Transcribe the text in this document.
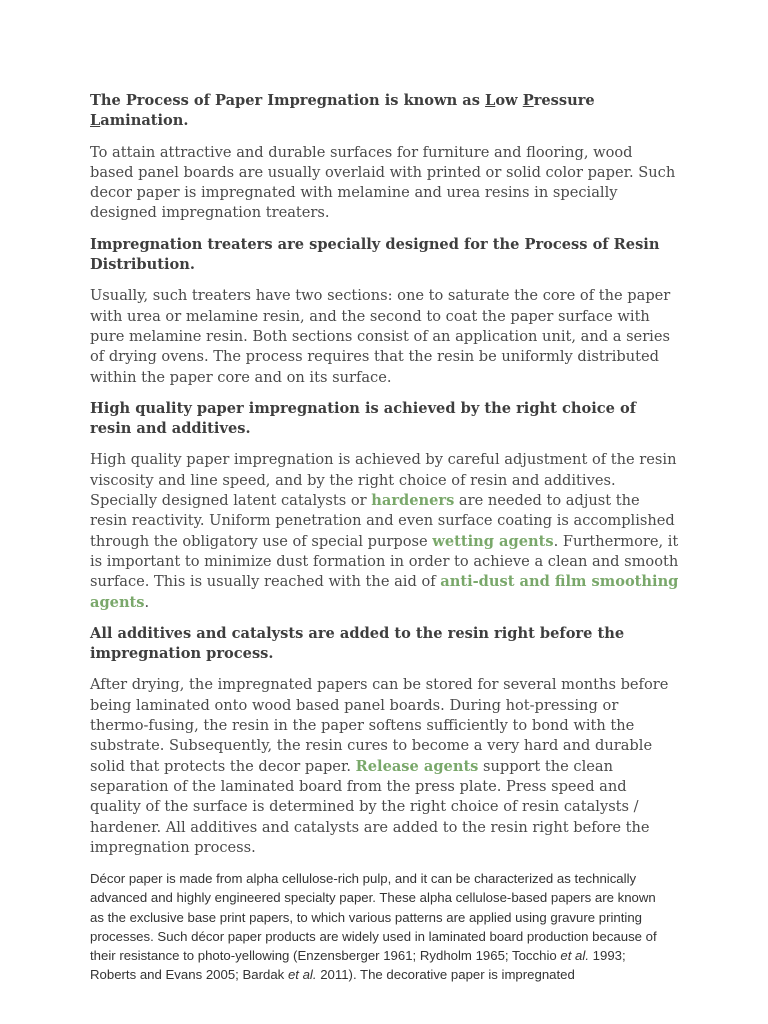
The Process of Paper Impregnation is known as Low Pressure Lamination.

To attain attractive and durable surfaces for furniture and flooring, wood based panel boards are usually overlaid with printed or solid color paper. Such decor paper is impregnated with melamine and urea resins in specially designed impregnation treaters.

Impregnation treaters are specially designed for the Process of Resin Distribution.

Usually, such treaters have two sections: one to saturate the core of the paper with urea or melamine resin, and the second to coat the paper surface with pure melamine resin. Both sections consist of an application unit, and a series of drying ovens. The process requires that the resin be uniformly distributed within the paper core and on its surface.

High quality paper impregnation is achieved by the right choice of resin and additives.

High quality paper impregnation is achieved by careful adjustment of the resin viscosity and line speed, and by the right choice of resin and additives. Specially designed latent catalysts or hardeners are needed to adjust the resin reactivity. Uniform penetration and even surface coating is accomplished through the obligatory use of special purpose wetting agents. Furthermore, it is important to minimize dust formation in order to achieve a clean and smooth surface. This is usually reached with the aid of anti-dust and film smoothing agents.

All additives and catalysts are added to the resin right before the impregnation process.

After drying, the impregnated papers can be stored for several months before being laminated onto wood based panel boards. During hot-pressing or thermo-fusing, the resin in the paper softens sufficiently to bond with the substrate. Subsequently, the resin cures to become a very hard and durable solid that protects the decor paper. Release agents support the clean separation of the laminated board from the press plate. Press speed and quality of the surface is determined by the right choice of resin catalysts / hardener. All additives and catalysts are added to the resin right before the impregnation process.

Décor paper is made from alpha cellulose-rich pulp, and it can be characterized as technically advanced and highly engineered specialty paper. These alpha cellulose-based papers are known as the exclusive base print papers, to which various patterns are applied using gravure printing processes. Such décor paper products are widely used in laminated board production because of their resistance to photo-yellowing (Enzensberger 1961; Rydholm 1965; Tocchio et al. 1993; Roberts and Evans 2005; Bardak et al. 2011). The decorative paper is impregnated
